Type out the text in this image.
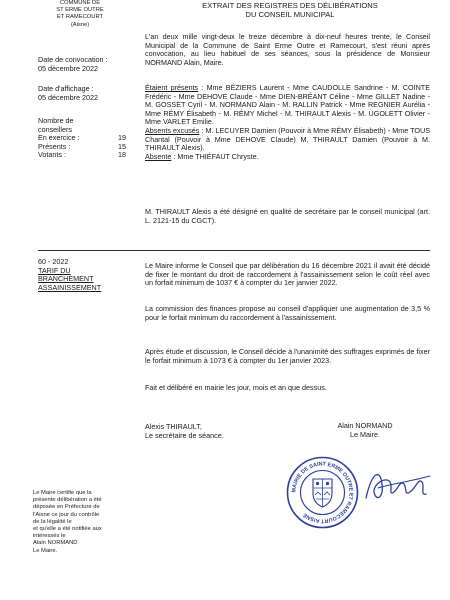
COMMUNE DE
ST ERME OUTRE
ET RAMECOURT
(Aisne)
EXTRAIT DES REGISTRES DES DÉLIBÉRATIONS
DU CONSEIL MUNICIPAL
Date de convocation :
05 décembre 2022
Date d'affichage :
05 décembre 2022
Nombre de
conseillers
En exercice :	19
Présents :	15
Votants :	18
L'an deux mille vingt-deux le treize décembre à dix-neuf heures trente, le Conseil Municipal de la Commune de Saint Erme Outre et Ramecourt, s'est réuni après convocation, au lieu habituel de ses séances, sous la présidence de Monsieur NORMAND Alain, Maire.

Étaient présents : Mme BÉZIERS Laurent - Mme CAUDOLLE Sandrine - M. COINTE Frédéric - Mme DEHOVE Claude - Mme DIEN-BRÉANT Céline - Mme GILLET Nadine - M. GOSSET Cyril - M. NORMAND Alain - M. RALLIN Patrick - Mme REGNIER Aurélia - Mme RÉMY Élisabeth - M. RÉMY Michel - M. THIRAULT Alexis - M. UGOLETT Olivier - Mme VARLET Emilie.

Absents excusés : M. LECUYER Damien (Pouvoir à Mme RÉMY Élisabeth) - Mme TOUS Chantal (Pouvoir à Mme DEHOVE Claude) M. THIRAULT Damien (Pouvoir à M. THIRAULT Alexis).

Absente : Mme THIÉFAUT Chryste.

M. THIRAULT Alexis a été désigné en qualité de secrétaire par le conseil municipal (art. L. 2121-15 du CGCT).
60 - 2022
TARIF DU
BRANCHEMENT
ASSAINISSEMENT
Le Maire informe le Conseil que par délibération du 16 décembre 2021 il avait été décidé de fixer le montant du droit de raccordement à l'assainissement selon le coût réel avec un forfait minimum de 1037 € à compter du 1er janvier 2022.
La commission des finances propose au conseil d'appliquer une augmentation de 3,5 % pour le forfait minimum du raccordement à l'assainissement.
Après étude et discussion, le Conseil décide à l'unanimité des suffrages exprimés de fixer le forfait minimum à 1073 € à compter du 1er janvier 2023.
Fait et délibéré en mairie les jour, mois et an que dessus.
Alexis THIRAULT,
Le secrétaire de séance.
Alain NORMAND
Le Maire.
Le Maire certifie que la
présente délibération a été
déposée en Préfecture de
l'Aisne ce jour du contrôle
de la légalité le
et qu'elle a été notifiée aux
intéressés le
Alain NORMAND
Le Maire.
MAIRIE DE SAINT ERME OUTRE ET RAMECOURT AISNE
